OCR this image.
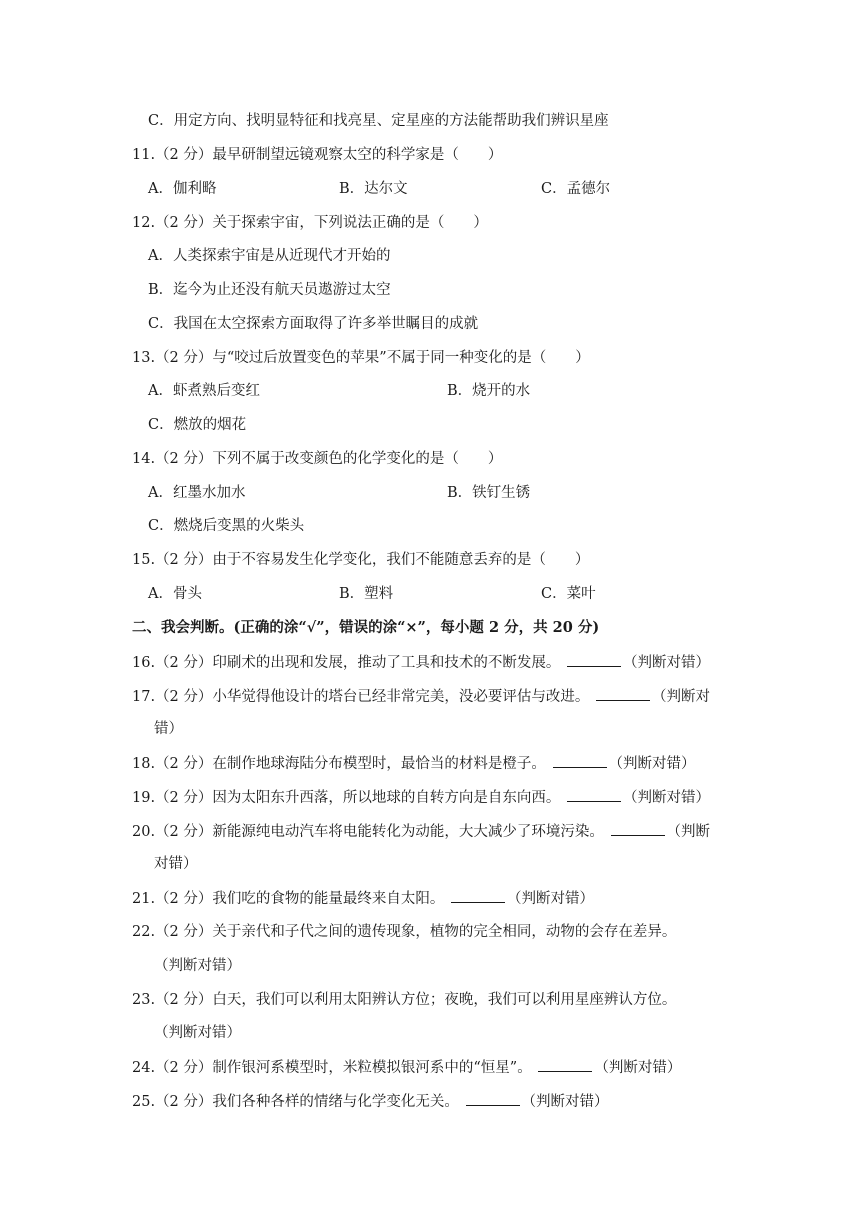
C．用定方向、找明显特征和找亮星、定星座的方法能帮助我们辨识星座
11.（2 分）最早研制望远镜观察太空的科学家是（　　）
A．伽利略	B．达尔文	C．孟德尔
12.（2 分）关于探索宇宙，下列说法正确的是（　　）
A．人类探索宇宙是从近现代才开始的
B．迄今为止还没有航天员遨游过太空
C．我国在太空探索方面取得了许多举世瞩目的成就
13.（2 分）与“咬过后放置变色的苹果”不属于同一种变化的是（　　）
A．虾煮熟后变红	B．烧开的水
C．燃放的烟花
14.（2 分）下列不属于改变颜色的化学变化的是（　　）
A．红墨水加水	B．铁钉生锈
C．燃烧后变黑的火柴头
15.（2 分）由于不容易发生化学变化，我们不能随意丢弃的是（　　）
A．骨头	B．塑料	C．菜叶
二、我会判断。(正确的涂“√”，错误的涂“×”，每小题 2 分，共 20 分)
16.（2 分）印刷术的出现和发展，推动了工具和技术的不断发展。	（判断对错）
17.（2 分）小华觉得他设计的塔台已经非常完美，没必要评估与改进。	（判断对
错）
18.（2 分）在制作地球海陆分布模型时，最恰当的材料是橙子。	（判断对错）
19.（2 分）因为太阳东升西落，所以地球的自转方向是自东向西。	（判断对错）
20.（2 分）新能源纯电动汽车将电能转化为动能，大大减少了环境污染。	（判断
对错）
21.（2 分）我们吃的食物的能量最终来自太阳。	（判断对错）
22.（2 分）关于亲代和子代之间的遗传现象，植物的完全相同，动物的会存在差异。
（判断对错）
23.（2 分）白天，我们可以利用太阳辨认方位；夜晚，我们可以利用星座辨认方位。
（判断对错）
24.（2 分）制作银河系模型时，米粒模拟银河系中的“恒星”。	（判断对错）
25.（2 分）我们各种各样的情绪与化学变化无关。	（判断对错）
